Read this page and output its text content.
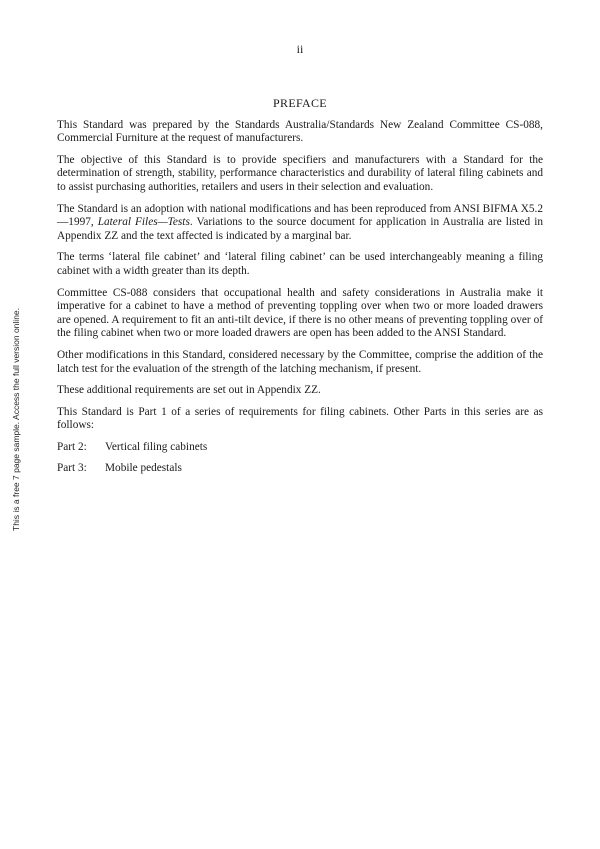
ii
This is a free 7 page sample. Access the full version online.
PREFACE

This Standard was prepared by the Standards Australia/Standards New Zealand Committee CS-088, Commercial Furniture at the request of manufacturers.

The objective of this Standard is to provide specifiers and manufacturers with a Standard for the determination of strength, stability, performance characteristics and durability of lateral filing cabinets and to assist purchasing authorities, retailers and users in their selection and evaluation.

The Standard is an adoption with national modifications and has been reproduced from ANSI BIFMA X5.2—1997, Lateral Files—Tests. Variations to the source document for application in Australia are listed in Appendix ZZ and the text affected is indicated by a marginal bar.

The terms ‘lateral file cabinet’ and ‘lateral filing cabinet’ can be used interchangeably meaning a filing cabinet with a width greater than its depth.

Committee CS-088 considers that occupational health and safety considerations in Australia make it imperative for a cabinet to have a method of preventing toppling over when two or more loaded drawers are opened. A requirement to fit an anti-tilt device, if there is no other means of preventing toppling over of the filing cabinet when two or more loaded drawers are open has been added to the ANSI Standard.

Other modifications in this Standard, considered necessary by the Committee, comprise the addition of the latch test for the evaluation of the strength of the latching mechanism, if present.

These additional requirements are set out in Appendix ZZ.

This Standard is Part 1 of a series of requirements for filing cabinets. Other Parts in this series are as follows:

Part 2:	Vertical filing cabinets
Part 3:	Mobile pedestals
